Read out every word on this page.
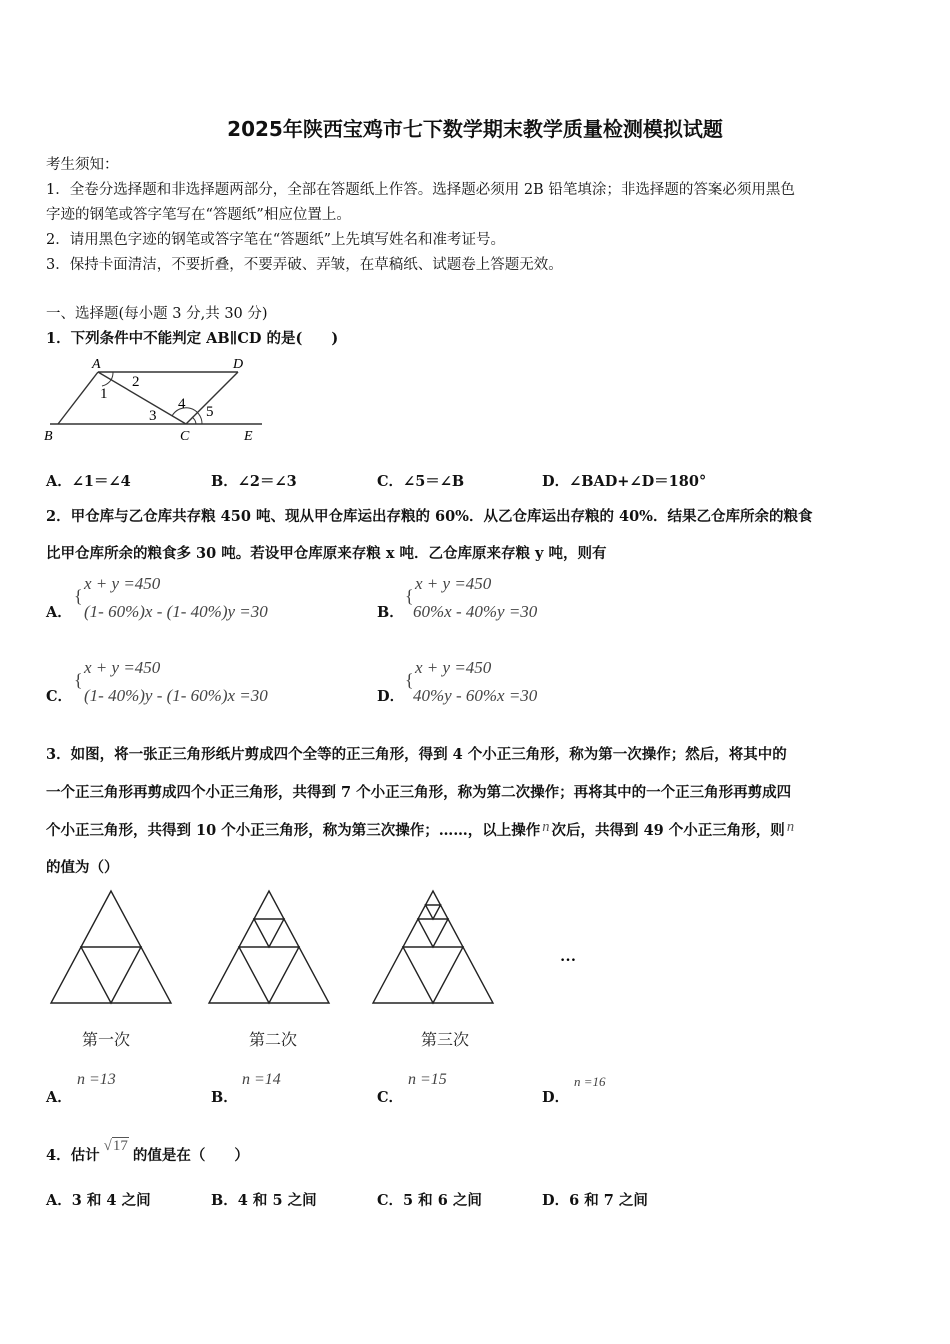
2025年陕西宝鸡市七下数学期末教学质量检测模拟试题
考生须知：
1．全卷分选择题和非选择题两部分，全部在答题纸上作答。选择题必须用 2B 铅笔填涂；非选择题的答案必须用黑色
字迹的钢笔或答字笔写在“答题纸”相应位置上。
2．请用黑色字迹的钢笔或答字笔在“答题纸”上先填写姓名和准考证号。
3．保持卡面清洁，不要折叠，不要弄破、弄皱，在草稿纸、试题卷上答题无效。
一、选择题(每小题 3 分,共 30 分)
1．下列条件中不能判定 AB∥CD 的是(　　)
A	D
B	C	E
1
2
3
4 5
A．∠1＝∠4	B．∠2＝∠3	C．∠5＝∠B	D．∠BAD+∠D＝180°
2．甲仓库与乙仓库共存粮 450 吨、现从甲仓库运出存粮的 60%．从乙仓库运出存粮的 40%．结果乙仓库所余的粮食
比甲仓库所余的粮食多 30 吨。若设甲仓库原来存粮 x 吨．乙仓库原来存粮 y 吨，则有
A．
{
x + y =450
(1- 60%)x - (1- 40%)y =30	B．
{
x + y =450
60%x - 40%y =30
C．
{
x + y =450
(1- 40%)y - (1- 60%)x =30	D．
{
x + y =450
40%y - 60%x =30
3．如图，将一张正三角形纸片剪成四个全等的正三角形，得到 4 个小正三角形，称为第一次操作；然后，将其中的
一个正三角形再剪成四个小正三角形，共得到 7 个小正三角形，称为第二次操作；再将其中的一个正三角形再剪成四
个小正三角形，共得到 10 个小正三角形，称为第三次操作；……，以上操作 n 次后，共得到 49 个小正三角形，则 n
的值为（）
…
第一次	第二次	第三次
A．
n =13
B．
n =14
C．
n =15
D．
n =16
4．估计√17的值是在（　　）
A．3 和 4 之间	B．4 和 5 之间	C．5 和 6 之间	D．6 和 7 之间
